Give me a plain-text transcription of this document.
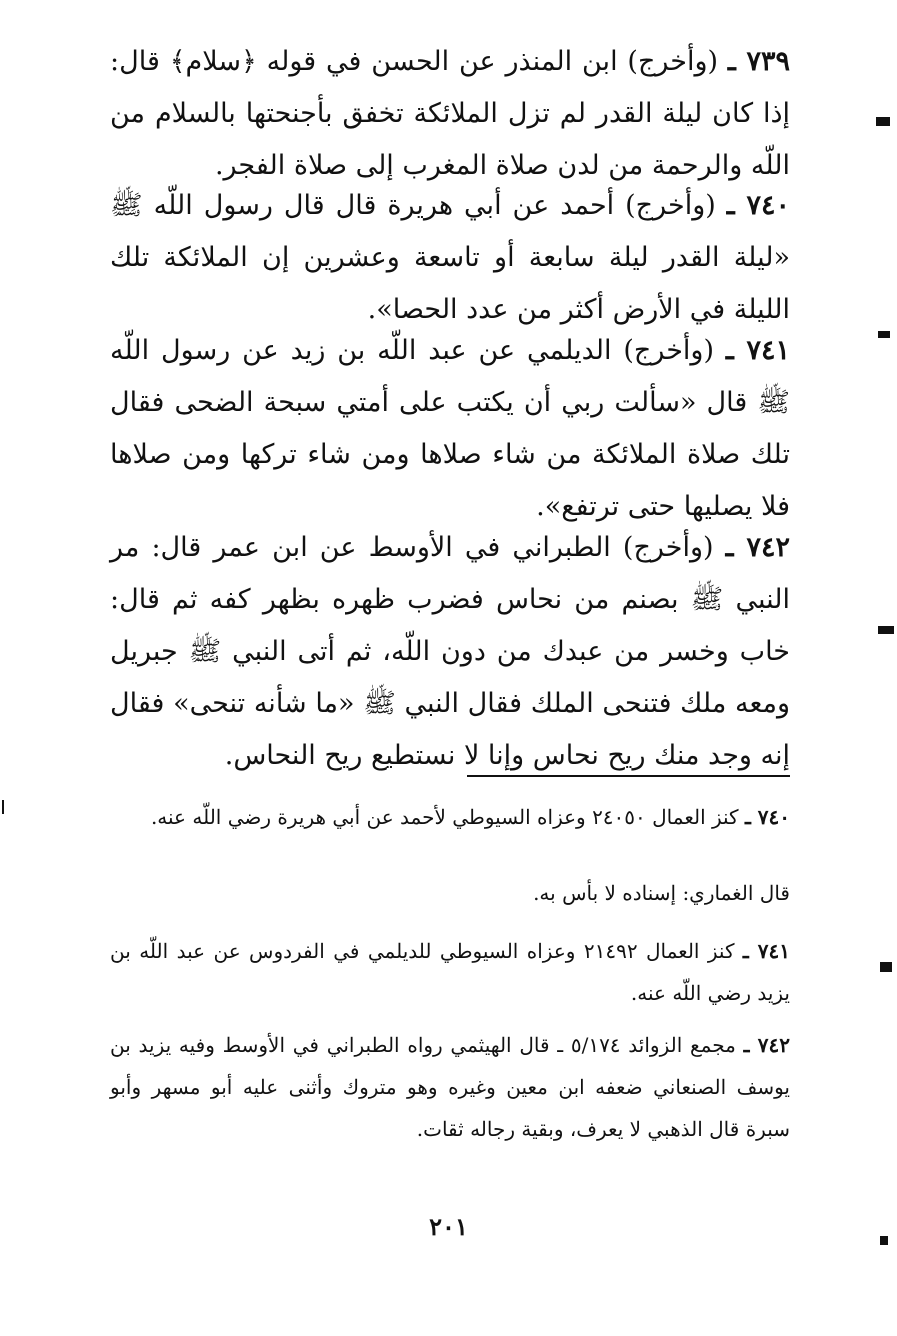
٧٣٩ ـ (وأخرج) ابن المنذر عن الحسن في قوله ﴿سلام﴾ قال: إذا كان ليلة القدر لم تزل الملائكة تخفق بأجنحتها بالسلام من اللّه والرحمة من لدن صلاة المغرب إلى صلاة الفجر.
٧٤٠ ـ (وأخرج) أحمد عن أبي هريرة قال قال رسول اللّه ﷺ «ليلة القدر ليلة سابعة أو تاسعة وعشرين إن الملائكة تلك الليلة في الأرض أكثر من عدد الحصا».
٧٤١ ـ (وأخرج) الديلمي عن عبد اللّه بن زيد عن رسول اللّه ﷺ قال «سألت ربي أن يكتب على أمتي سبحة الضحى فقال تلك صلاة الملائكة من شاء صلاها ومن شاء تركها ومن صلاها فلا يصليها حتى ترتفع».
٧٤٢ ـ (وأخرج) الطبراني في الأوسط عن ابن عمر قال: مر النبي ﷺ بصنم من نحاس فضرب ظهره بظهر كفه ثم قال: خاب وخسر من عبدك من دون اللّه، ثم أتى النبي ﷺ جبريل ومعه ملك فتنحى الملك فقال النبي ﷺ «ما شأنه تنحى» فقال إنه وجد منك ريح نحاس وإنا لا نستطيع ريح النحاس.
٧٤٠ ـ كنز العمال ٢٤٠٥٠ وعزاه السيوطي لأحمد عن أبي هريرة رضي اللّه عنه.
قال الغماري: إسناده لا بأس به.
٧٤١ ـ كنز العمال ٢١٤٩٢ وعزاه السيوطي للديلمي في الفردوس عن عبد اللّه بن يزيد رضي اللّه عنه.
٧٤٢ ـ مجمع الزوائد ٥/١٧٤ ـ قال الهيثمي رواه الطبراني في الأوسط وفيه يزيد بن يوسف الصنعاني ضعفه ابن معين وغيره وهو متروك وأثنى عليه أبو مسهر وأبو سبرة قال الذهبي لا يعرف، وبقية رجاله ثقات.
٢٠١
